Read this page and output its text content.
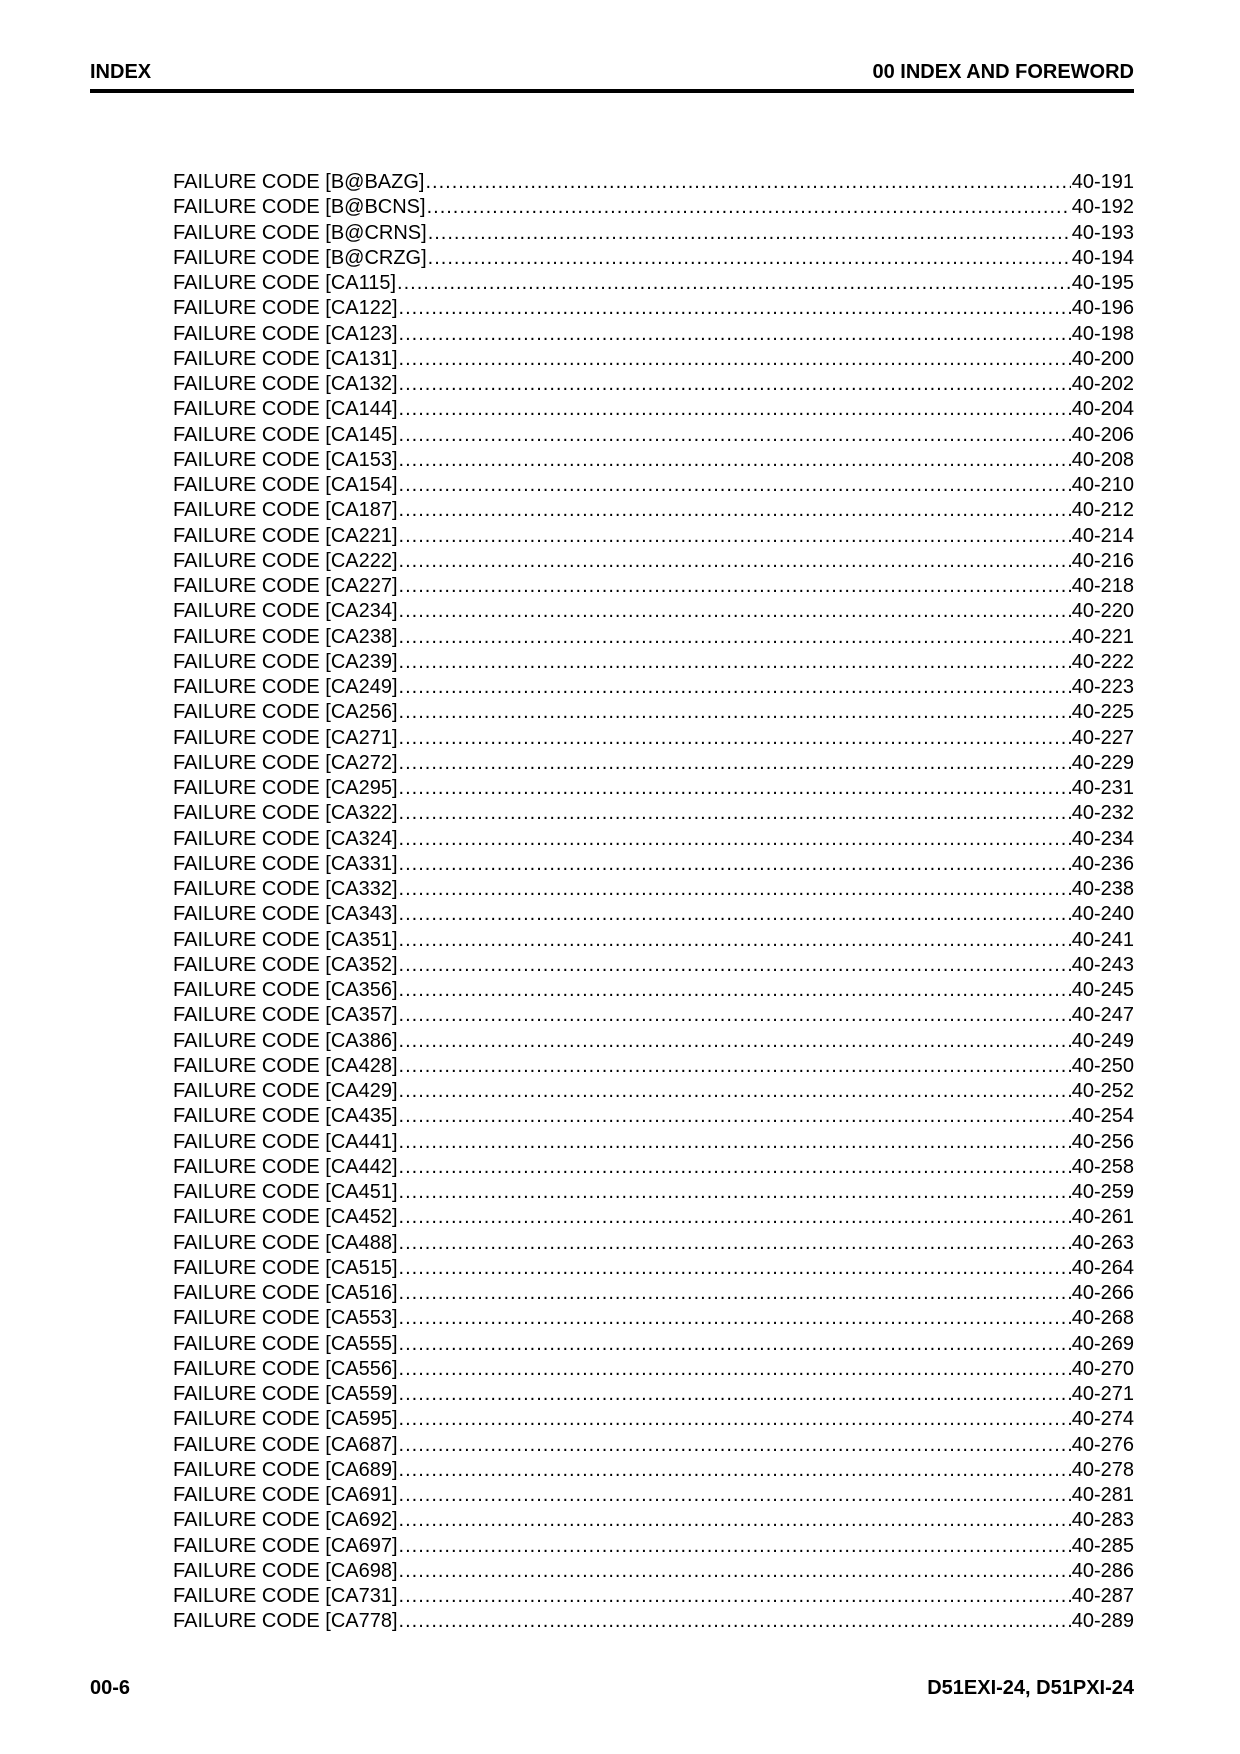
INDEX	00 INDEX AND FOREWORD
FAILURE CODE [B@BAZG] .....	40-191
FAILURE CODE [B@BCNS] .....	40-192
FAILURE CODE [B@CRNS] .....	40-193
FAILURE CODE [B@CRZG] .....	40-194
FAILURE CODE [CA115] .....	40-195
FAILURE CODE [CA122] .....	40-196
FAILURE CODE [CA123] .....	40-198
FAILURE CODE [CA131] .....	40-200
FAILURE CODE [CA132] .....	40-202
FAILURE CODE [CA144] .....	40-204
FAILURE CODE [CA145] .....	40-206
FAILURE CODE [CA153] .....	40-208
FAILURE CODE [CA154] .....	40-210
FAILURE CODE [CA187] .....	40-212
FAILURE CODE [CA221] .....	40-214
FAILURE CODE [CA222] .....	40-216
FAILURE CODE [CA227] .....	40-218
FAILURE CODE [CA234] .....	40-220
FAILURE CODE [CA238] .....	40-221
FAILURE CODE [CA239] .....	40-222
FAILURE CODE [CA249] .....	40-223
FAILURE CODE [CA256] .....	40-225
FAILURE CODE [CA271] .....	40-227
FAILURE CODE [CA272] .....	40-229
FAILURE CODE [CA295] .....	40-231
FAILURE CODE [CA322] .....	40-232
FAILURE CODE [CA324] .....	40-234
FAILURE CODE [CA331] .....	40-236
FAILURE CODE [CA332] .....	40-238
FAILURE CODE [CA343] .....	40-240
FAILURE CODE [CA351] .....	40-241
FAILURE CODE [CA352] .....	40-243
FAILURE CODE [CA356] .....	40-245
FAILURE CODE [CA357] .....	40-247
FAILURE CODE [CA386] .....	40-249
FAILURE CODE [CA428] .....	40-250
FAILURE CODE [CA429] .....	40-252
FAILURE CODE [CA435] .....	40-254
FAILURE CODE [CA441] .....	40-256
FAILURE CODE [CA442] .....	40-258
FAILURE CODE [CA451] .....	40-259
FAILURE CODE [CA452] .....	40-261
FAILURE CODE [CA488] .....	40-263
FAILURE CODE [CA515] .....	40-264
FAILURE CODE [CA516] .....	40-266
FAILURE CODE [CA553] .....	40-268
FAILURE CODE [CA555] .....	40-269
FAILURE CODE [CA556] .....	40-270
FAILURE CODE [CA559] .....	40-271
FAILURE CODE [CA595] .....	40-274
FAILURE CODE [CA687] .....	40-276
FAILURE CODE [CA689] .....	40-278
FAILURE CODE [CA691] .....	40-281
FAILURE CODE [CA692] .....	40-283
FAILURE CODE [CA697] .....	40-285
FAILURE CODE [CA698] .....	40-286
FAILURE CODE [CA731] .....	40-287
FAILURE CODE [CA778] .....	40-289
00-6	D51EXI-24, D51PXI-24
